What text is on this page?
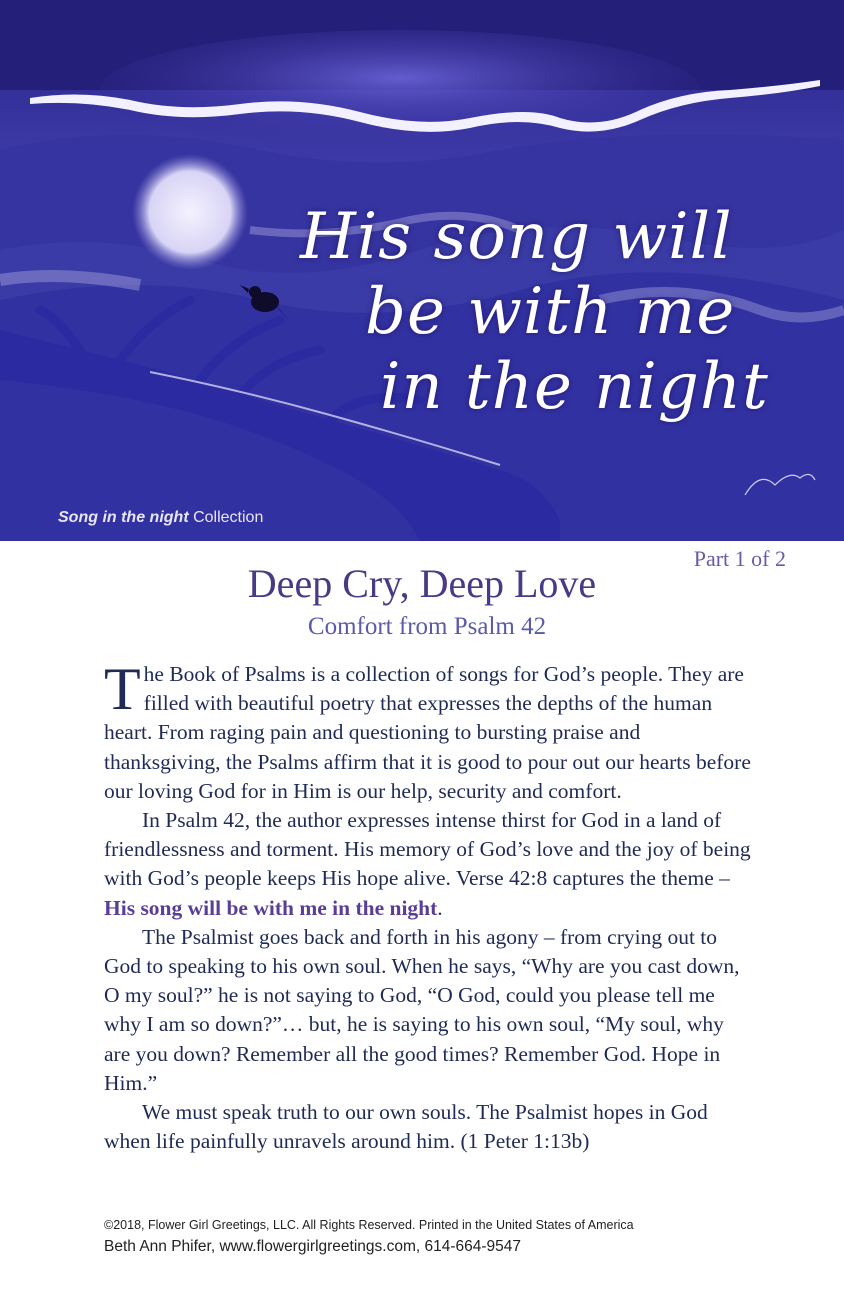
His song will
be with me
in the night
Song in the night Collection
Part 1 of 2
Deep Cry, Deep Love
Comfort from Psalm 42

The Book of Psalms is a collection of songs for God’s people. They are filled with beautiful poetry that expresses the depths of the human heart. From raging pain and questioning to bursting praise and thanksgiving, the Psalms affirm that it is good to pour out our hearts before our loving God for in Him is our help, security and comfort.

In Psalm 42, the author expresses intense thirst for God in a land of friendlessness and torment. His memory of God’s love and the joy of being with God’s people keeps His hope alive. Verse 42:8 captures the theme – His song will be with me in the night.

The Psalmist goes back and forth in his agony – from crying out to God to speaking to his own soul. When he says, “Why are you cast down, O my soul?” he is not saying to God, “O God, could you please tell me why I am so down?”… but, he is saying to his own soul, “My soul, why are you down? Remember all the good times? Remember God. Hope in Him.”

We must speak truth to our own souls. The Psalmist hopes in God when life painfully unravels around him. (1 Peter 1:13b)

©2018, Flower Girl Greetings, LLC. All Rights Reserved. Printed in the United States of America
Beth Ann Phifer, www.flowergirlgreetings.com, 614-664-9547
